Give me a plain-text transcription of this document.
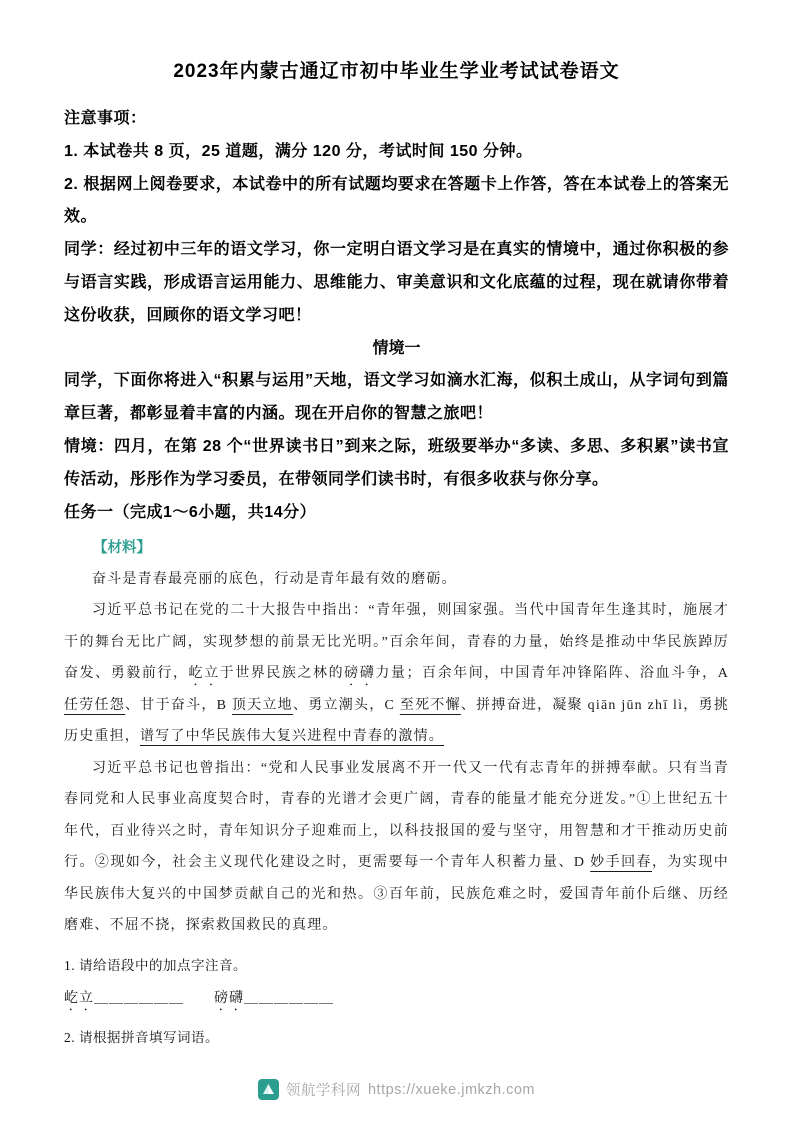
2023年内蒙古通辽市初中毕业生学业考试试卷语文

注意事项：

1. 本试卷共 8 页，25 道题，满分 120 分，考试时间 150 分钟。

2. 根据网上阅卷要求，本试卷中的所有试题均要求在答题卡上作答，答在本试卷上的答案无效。

同学：经过初中三年的语文学习，你一定明白语文学习是在真实的情境中，通过你积极的参与语言实践，形成语言运用能力、思维能力、审美意识和文化底蕴的过程，现在就请你带着这份收获，回顾你的语文学习吧！

情境一

同学，下面你将进入“积累与运用”天地，语文学习如滴水汇海，似积土成山，从字词句到篇章巨著，都彰显着丰富的内涵。现在开启你的智慧之旅吧！

情境：四月，在第 28 个“世界读书日”到来之际，班级要举办“多读、多思、多积累”读书宣传活动，彤彤作为学习委员，在带领同学们读书时，有很多收获与你分享。

任务一（完成1～6小题，共14分）

【材料】

奋斗是青春最亮丽的底色，行动是青年最有效的磨砺。

习近平总书记在党的二十大报告中指出：“青年强，则国家强。当代中国青年生逢其时，施展才干的舞台无比广阔，实现梦想的前景无比光明。”百余年间，青春的力量，始终是推动中华民族踔厉奋发、勇毅前行，屹立于世界民族之林的磅礴力量；百余年间，中国青年冲锋陷阵、浴血斗争，A 任劳任怨、甘于奋斗，B 顶天立地、勇立潮头，C 至死不懈、拼搏奋进，凝聚 qiān jūn zhī lì，勇挑历史重担，谱写了中华民族伟大复兴进程中青春的激情。

习近平总书记也曾指出：“党和人民事业发展离不开一代又一代有志青年的拼搏奉献。只有当青春同党和人民事业高度契合时，青春的光谱才会更广阔，青春的能量才能充分迸发。”①上世纪五十年代，百业待兴之时，青年知识分子迎难而上，以科技报国的爱与坚守，用智慧和才干推动历史前行。②现如今，社会主义现代化建设之时，更需要每一个青年人积蓄力量、D 妙手回春，为实现中华民族伟大复兴的中国梦贡献自己的光和热。③百年前，民族危难之时，爱国青年前仆后继、历经磨难、不屈不挠，探索救国救民的真理。

1. 请给语段中的加点字注音。

屹立＿＿＿＿＿＿　　 磅礴＿＿＿＿＿＿

2. 请根据拼音填写词语。

领航学科网 https://xueke.jmkzh.com
